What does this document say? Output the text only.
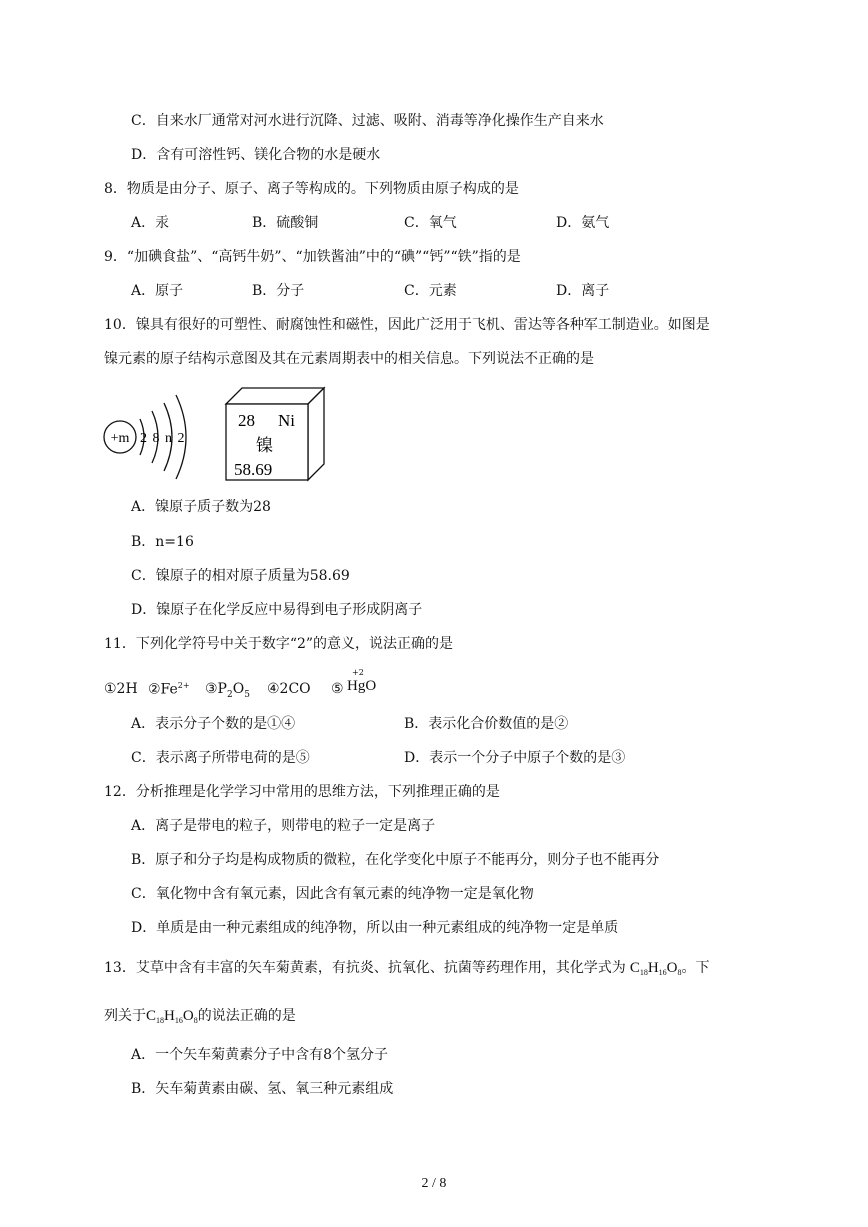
C．自来水厂通常对河水进行沉降、过滤、吸附、消毒等净化操作生产自来水
D．含有可溶性钙、镁化合物的水是硬水
8．物质是由分子、原子、离子等构成的。下列物质由原子构成的是
A．汞	B．硫酸铜	C．氧气	D．氨气
9．“加碘食盐”、“高钙牛奶”、“加铁酱油”中的“碘”“钙”“铁”指的是
A．原子	B．分子	C．元素	D．离子
10．镍具有很好的可塑性、耐腐蚀性和磁性，因此广泛用于飞机、雷达等各种军工制造业。如图是
镍元素的原子结构示意图及其在元素周期表中的相关信息。下列说法不正确的是
+m 2 8 n 2
28 Ni
镍
58.69
A．镍原子质子数为28
B．n=16
C．镍原子的相对原子质量为58.69
D．镍原子在化学反应中易得到电子形成阴离子
11．下列化学符号中关于数字“2”的意义，说法正确的是
①2H $②Fe^{2+}$ $③P_2O_5$ ④2CO ⑤
+2
HgO
A．表示分子个数的是①④	B．表示化合价数值的是②
C．表示离子所带电荷的是⑤	D．表示一个分子中原子个数的是③
12．分析推理是化学学习中常用的思维方法，下列推理正确的是
A．离子是带电的粒子，则带电的粒子一定是离子
B．原子和分子均是构成物质的微粒，在化学变化中原子不能再分，则分子也不能再分
C．氧化物中含有氧元素，因此含有氧元素的纯净物一定是氧化物
D．单质是由一种元素组成的纯净物，所以由一种元素组成的纯净物一定是单质
13．艾草中含有丰富的矢车菊黄素，有抗炎、抗氧化、抗菌等药理作用，其化学式为 $C_{18}H_{16}O_8$。下
列关于$C_{18}H_{16}O_8$的说法正确的是
A．一个矢车菊黄素分子中含有8个氢分子
B．矢车菊黄素由碳、氢、氧三种元素组成
2 / 8
